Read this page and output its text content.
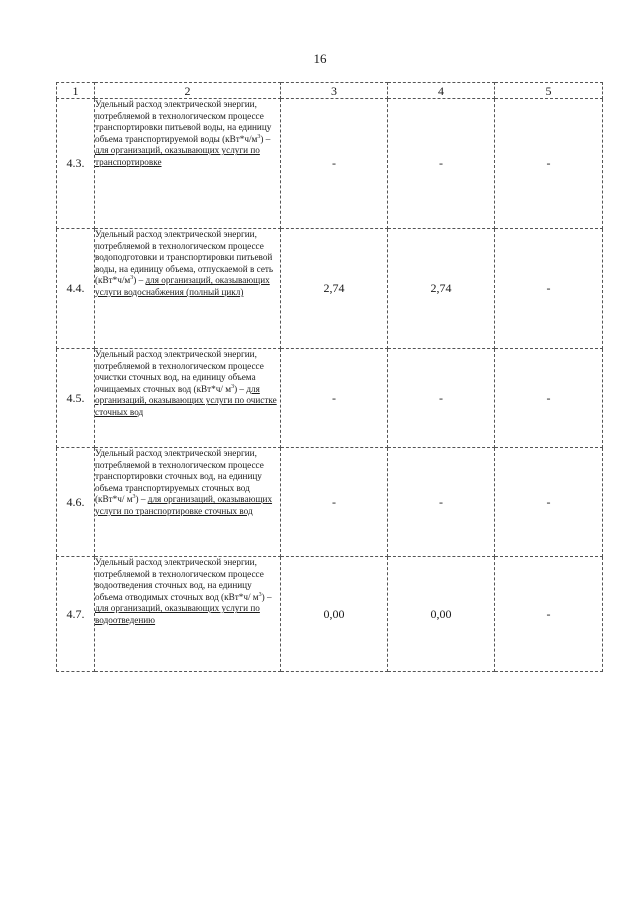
16
1	2	3	4	5
4.3.	Удельный расход электрической энергии, потребляемой в технологическом процессе транспортировки питьевой воды, на единицу объема транспортируемой воды $(кВт*ч/м^3)$ – для организаций, оказывающих услуги по транспортировке	-	-	-
4.4.	Удельный расход электрической энергии, потребляемой в технологическом процессе водоподготовки и транспортировки питьевой воды, на единицу объема, отпускаемой в сеть $(кВт*ч/м^3)$ – для организаций, оказывающих услуги водоснабжения (полный цикл)	2,74	2,74	-
4.5.	Удельный расход электрической энергии, потребляемой в технологическом процессе очистки сточных вод, на единицу объема очищаемых сточных вод (кВт*ч/ $м^3$) – для организаций, оказывающих услуги по очистке сточных вод	-	-	-
4.6.	Удельный расход электрической энергии, потребляемой в технологическом процессе транспортировки сточных вод, на единицу объема транспортируемых сточных вод (кВт*ч/ $м^3$) – для организаций, оказывающих услуги по транспортировке сточных вод	-	-	-
4.7.	Удельный расход электрической энергии, потребляемой в технологическом процессе водоотведения сточных вод, на единицу объема отводимых сточных вод (кВт*ч/ $м^3$) – для организаций, оказывающих услуги по водоотведению	0,00	0,00	-
